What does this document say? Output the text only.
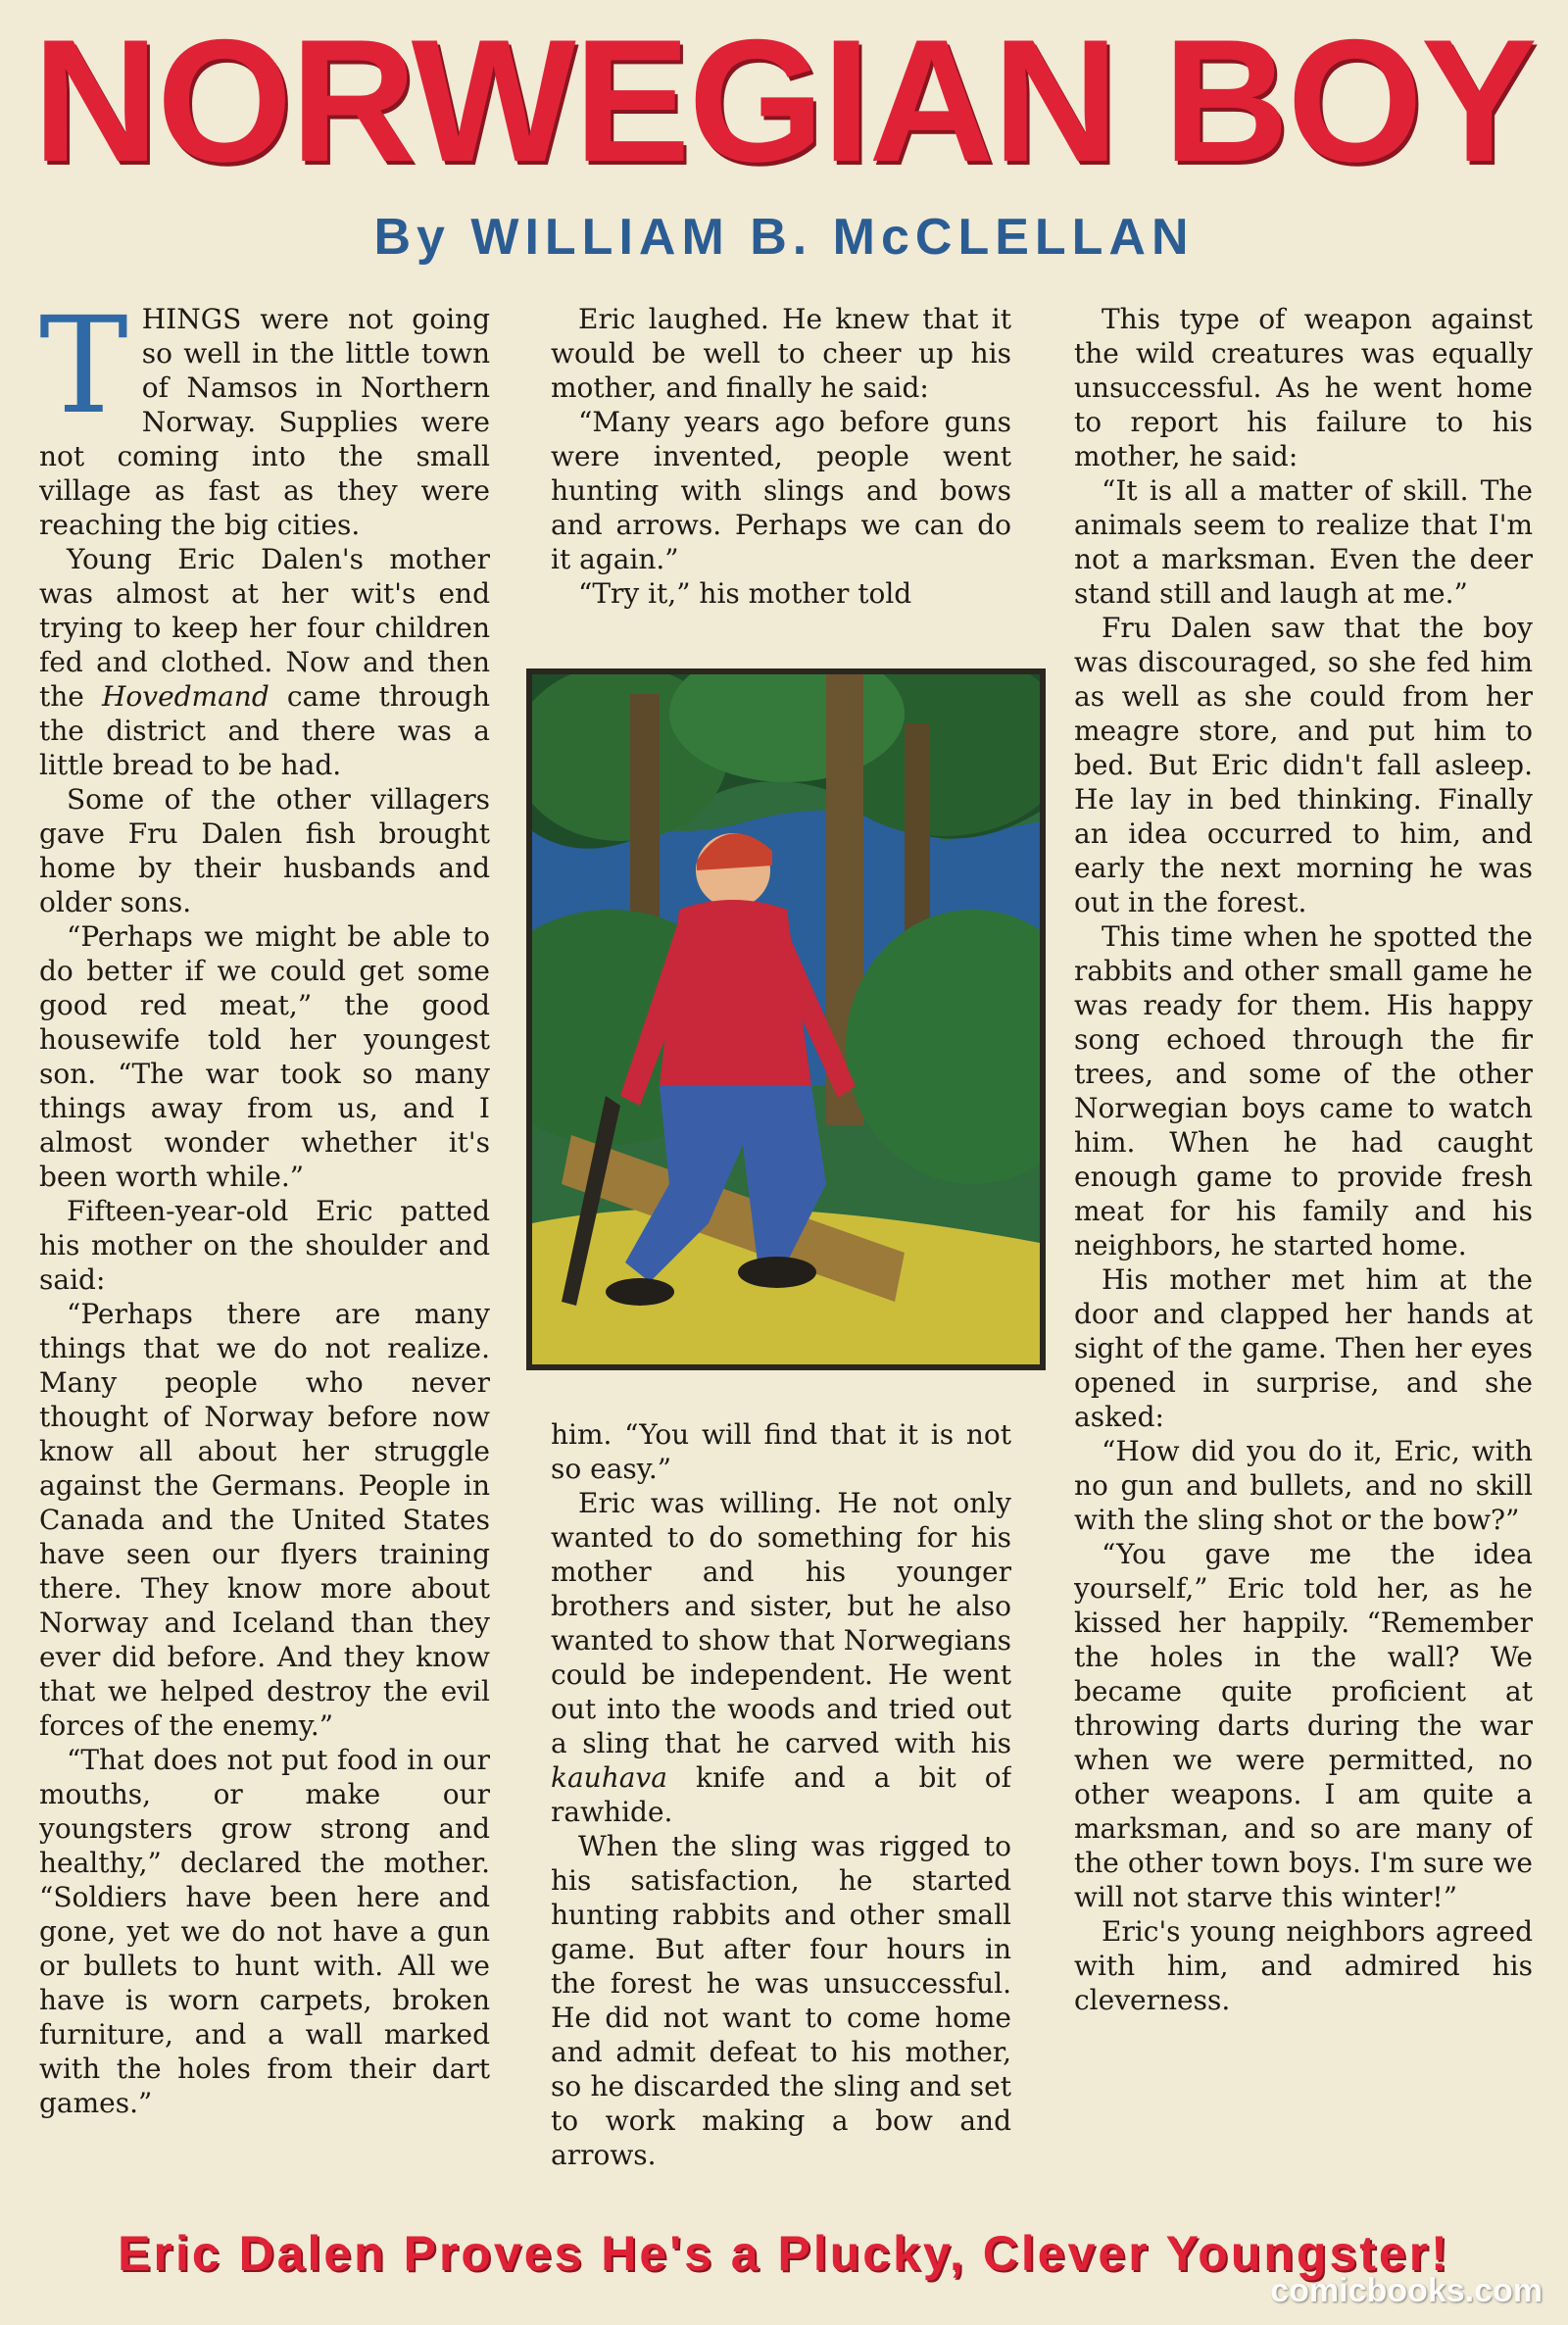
NORWEGIAN BOY
By WILLIAM B. McCLELLAN

THINGS were not going so well in the little town of Namsos in Northern Norway. Supplies were not coming into the small village as fast as they were reaching the big cities.

Young Eric Dalen's mother was almost at her wit's end trying to keep her four children fed and clothed. Now and then the Hovedmand came through the district and there was a little bread to be had.

Some of the other villagers gave Fru Dalen fish brought home by their husbands and older sons.

“Perhaps we might be able to do better if we could get some good red meat,” the good housewife told her youngest son. “The war took so many things away from us, and I almost wonder whether it's been worth while.”

Fifteen-year-old Eric patted his mother on the shoulder and said:

“Perhaps there are many things that we do not realize. Many people who never thought of Norway before now know all about her struggle against the Germans. People in Canada and the United States have seen our flyers training there. They know more about Norway and Iceland than they ever did before. And they know that we helped destroy the evil forces of the enemy.”

“That does not put food in our mouths, or make our youngsters grow strong and healthy,” declared the mother. “Soldiers have been here and gone, yet we do not have a gun or bullets to hunt with. All we have is worn carpets, broken furniture, and a wall marked with the holes from their dart games.”

Eric laughed. He knew that it would be well to cheer up his mother, and finally he said:

“Many years ago before guns were invented, people went hunting with slings and bows and arrows. Perhaps we can do it again.”

“Try it,” his mother told

him. “You will find that it is not so easy.”

Eric was willing. He not only wanted to do something for his mother and his younger brothers and sister, but he also wanted to show that Norwegians could be independent. He went out into the woods and tried out a sling that he carved with his kauhava knife and a bit of rawhide.

When the sling was rigged to his satisfaction, he started hunting rabbits and other small game. But after four hours in the forest he was unsuccessful. He did not want to come home and admit defeat to his mother, so he discarded the sling and set to work making a bow and arrows.

This type of weapon against the wild creatures was equally unsuccessful. As he went home to report his failure to his mother, he said:

“It is all a matter of skill. The animals seem to realize that I'm not a marksman. Even the deer stand still and laugh at me.”

Fru Dalen saw that the boy was discouraged, so she fed him as well as she could from her meagre store, and put him to bed. But Eric didn't fall asleep. He lay in bed thinking. Finally an idea occurred to him, and early the next morning he was out in the forest.

This time when he spotted the rabbits and other small game he was ready for them. His happy song echoed through the fir trees, and some of the other Norwegian boys came to watch him. When he had caught enough game to provide fresh meat for his family and his neighbors, he started home.

His mother met him at the door and clapped her hands at sight of the game. Then her eyes opened in surprise, and she asked:

“How did you do it, Eric, with no gun and bullets, and no skill with the sling shot or the bow?”

“You gave me the idea yourself,” Eric told her, as he kissed her happily. “Remember the holes in the wall? We became quite proficient at throwing darts during the war when we were permitted, no other weapons. I am quite a marksman, and so are many of the other town boys. I'm sure we will not starve this winter!”

Eric's young neighbors agreed with him, and admired his cleverness.

Eric Dalen Proves He's a Plucky, Clever Youngster!
comicbooks.com
